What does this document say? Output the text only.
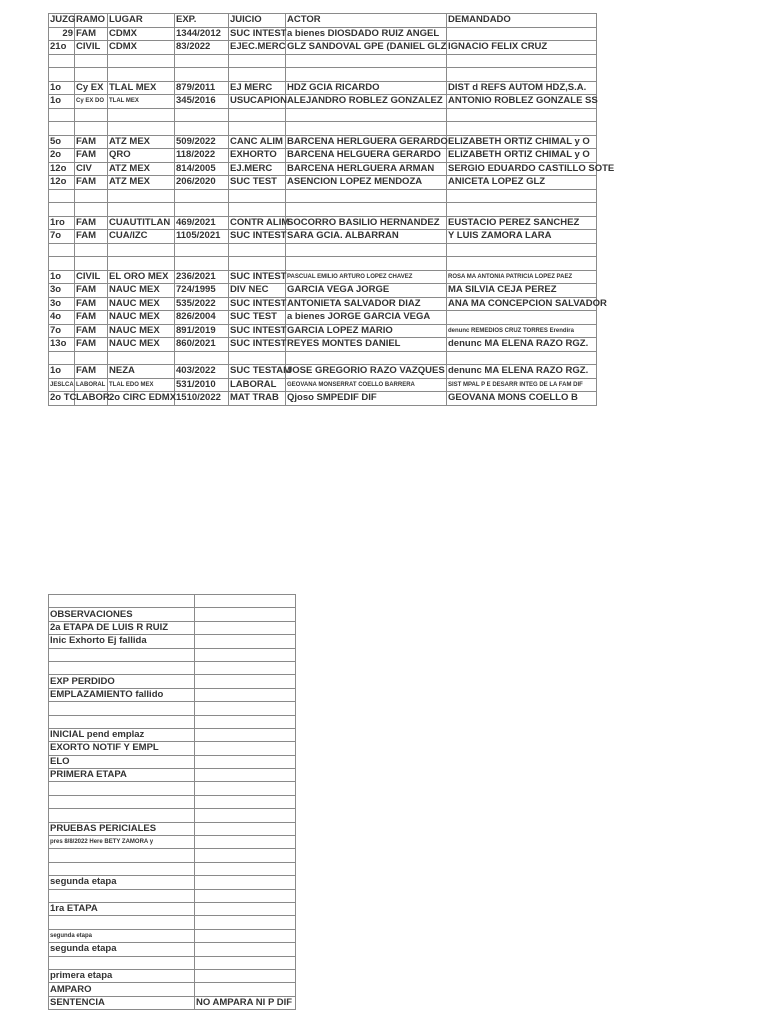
JUZG	RAMO	LUGAR	EXP.	JUICIO	ACTOR	DEMANDADO
29	FAM	CDMX	1344/2012	SUC INTEST	a bienes DIOSDADO RUIZ ANGEL	
21o	CIVIL	CDMX	83/2022	EJEC.MERC	GLZ SANDOVAL GPE (DANIEL GLZ	IGNACIO FELIX CRUZ

1o	Cy EX	TLAL MEX	879/2011	EJ MERC	HDZ GCIA RICARDO	DIST d REFS AUTOM HDZ,S.A.
1o	Cy EX DO	TLAL MEX	345/2016	USUCAPION	ALEJANDRO ROBLEZ GONZALEZ	ANTONIO ROBLEZ GONZALE SS

5o	FAM	ATZ MEX	509/2022	CANC ALIM	BARCENA HERLGUERA GERARDO	ELIZABETH ORTIZ CHIMAL y O
2o	FAM	QRO	118/2022	EXHORTO	BARCENA HELGUERA GERARDO	ELIZABETH ORTIZ CHIMAL y O
12o	CIV	ATZ MEX	814/2005	EJ.MERC	BARCENA HERLGUERA ARMAN	SERGIO EDUARDO CASTILLO SOTE
12o	FAM	ATZ MEX	206/2020	SUC TEST	ASENCION LOPEZ MENDOZA	ANICETA LOPEZ GLZ

1ro	FAM	CUAUTITLAN	469/2021	CONTR ALIM	SOCORRO BASILIO HERNANDEZ	EUSTACIO PEREZ SANCHEZ
7o	FAM	CUA/IZC	1105/2021	SUC INTEST	SARA GCIA. ALBARRAN	Y LUIS ZAMORA LARA

1o	CIVIL	EL ORO MEX	236/2021	SUC INTEST	PASCUAL EMILIO ARTURO LOPEZ CHAVEZ	ROSA MA ANTONIA PATRICIA LOPEZ PAEZ
3o	FAM	NAUC MEX	724/1995	DIV NEC	GARCIA VEGA JORGE	MA SILVIA CEJA PEREZ
3o	FAM	NAUC MEX	535/2022	SUC INTEST	ANTONIETA SALVADOR DIAZ	ANA MA CONCEPCION SALVADOR
4o	FAM	NAUC MEX	826/2004	SUC TEST	a bienes JORGE GARCIA VEGA	
7o	FAM	NAUC MEX	891/2019	SUC INTEST	GARCIA LOPEZ MARIO	denunc REMEDIOS CRUZ TORRES Erendira
13o	FAM	NAUC MEX	860/2021	SUC INTEST	REYES MONTES DANIEL	denunc MA ELENA RAZO RGZ.

1o	FAM	NEZA	403/2022	SUC TESTAM	JOSE GREGORIO RAZO VAZQUES	denunc MA ELENA RAZO RGZ.
JESLCA	LABORAL	TLAL EDO MEX	531/2010	LABORAL	GEOVANA MONSERRAT COELLO BARRERA	SIST MPAL P E DESARR INTEG DE LA FAM DIF
2o TC	LABOR.	2o CIRC EDMX	1510/2022	MAT TRAB	Qjoso SMPEDIF DIF	GEOVANA MONS COELLO B

OBSERVACIONES	
2a ETAPA DE LUIS R RUIZ	
Inic Exhorto Ej fallida	

EXP PERDIDO	
EMPLAZAMIENTO fallido	

INICIAL pend emplaz	
EXORTO NOTIF Y EMPL	
ELO	
PRIMERA ETAPA	

PRUEBAS PERICIALES	
pres 8/8/2022 Here BETY ZAMORA y	

segunda etapa	

1ra ETAPA	

segunda etapa	
segunda etapa	

primera etapa	
AMPARO	
SENTENCIA	NO AMPARA NI P DIF
